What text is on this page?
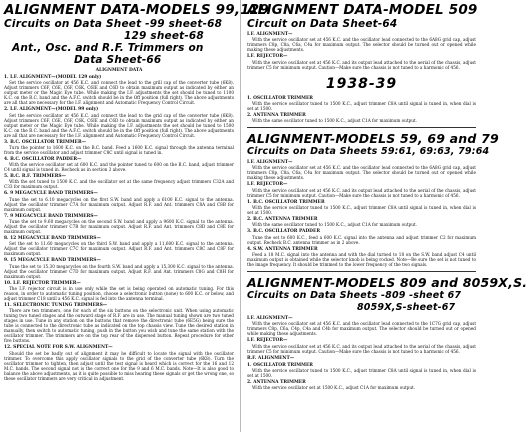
ALIGNMENT DATA-MODELS 99,129
Circuits on Data Sheet -99 sheet-68
129 sheet-68
Ant., Osc. and R.F. Trimmers on
Data Sheet-66
ALIGNMENT DATA
1. I.F. ALIGNMENT—(MODEL 129 only)

Set the service oscillator at 456 K.C. and connect the lead to the grill cap of the converter tube (6K8). Adjust trimmers C6F, C6E, C6F, C6K, C6IE and C6D to obtain maximum output as indicated by either an output meter or the Magic Eye tube. While making the I.F. adjustments the set should be tuned to 1100 K.C. on the B.C. band and the A.F.C. switch should be in the Off position (full right). The above adjustments are all that are necessary for the I.F. alignment and Automatic Frequency Control Circuit.

2. I.F. ALIGNMENT—(MODEL 99 only)

Set the service oscillator at 456 K.C. and connect the lead to the grid cap of the converter tube (6K8). Adjust trimmers C6F, C6E, C6F, C6K, C6IE and C6D to obtain maximum output as indicated by either an output meter or the Magic Eye tube. While making the I.F. adjustments the set should be tuned to 1500 K.C. on the B.C. band and the A.F.C. switch should be in the Off position (full right). The above adjustments are all that are necessary for the I.F. alignment and Automatic Frequency Control Circuit.

3. B.C. OSCILLATOR TRIMMER—

Turn the pointer to 1600 K.C. on the B.C. band. Feed a 1600 K.C. signal through the antenna terminal from the service oscillator and adjust trimmer C8C until signal is tuned in.

4. B.C. OSCILLATOR PADDER—

With the service oscillator set at 600 K.C. and the pointer tuned to 600 on the B.C. band, adjust trimmer C4 until signal is tuned in. Recheck as in section 3 above.

5. B.C. R.F. TRIMMERS—

With the set tuned to 1500 K.C. and the oscillator set at the same frequency adjust trimmers C32A and C33 for maximum output.

6. 9 MEGACYCLE BAND TRIMMERS—

Tune the set to 6.10 megacycles on the first S.W. band and apply a 6100 K.C. signal to the antenna. Adjust the oscillator trimmer C7A for maximum output. Adjust R.F. and Ant. trimmers C8A and C8B for maximum output.

7. 9 MEGACYCLE BAND TRIMMERS—

Tune the set to 9.60 megacycles on the second S.W. band and apply a 9600 K.C. signal to the antenna. Adjust the oscillator trimmer C7B for maximum output. Adjust R.F. and Ant. trimmers C8D and C8E for maximum output.

8. 12 MEGACYCLE BAND TRIMMERS—

Set the set to 11.60 megacycles on the third S.W. band and apply a 11,600 K.C. signal to the antenna. Adjust the oscillator trimmer C7C for maximum output. Adjust R.F. and Ant. trimmers C8C and C8F for maximum output.

9. 15 MEGACYCLE BAND TRIMMERS—

Tune the set to 15.30 megacycles on the fourth S.W. band and apply a 15,300 K.C. signal to the antenna. Adjust the oscillator trimmer C7D for maximum output. Adjust R.F. and Ant. trimmers C8G and C8H for maximum output.

10. I.F. REJECTOR TRIMMER—

The I.F. rejector circuit is in use only while the set is being operated on automatic tuning. For this reason, in order to automatic tuning position, choose a selectronic button (none) to 600 K.C. or below, and adjust trimmer C18 until a 456 K.C. signal is fed into the antenna terminal.

11. SELECTRONIC TUNING TRIMMERS—

There are ten trimmers, one for each of the six buttons on the selectronic unit. When using automatic tuning two tuned stages and the outward stage of R.F. are in use. The manual tuning shown are two tuned stages in use. Tune in any station on the buttons that remove the directronic tube (6E5G) being sure the tube is connected to the directronic tube as indicated on the top chassis view. Tune the desired station in manually, then switch to automatic tuning, push in the button you wish and tune the same station with the oscillator trimmer. The trimmers are on the top rear of the dispersed button. Repeat procedure for other five buttons.

12. SPECIAL NOTE FOR S.W. ALIGNMENT—

Should the set be badly out of alignment it may be difficult to locate the signal with the oscillator trimmer. To overcome this apply oscillator signals to the grid of the converter tube (6K8). Turn the oscillator trimmer to tighten, then adjust until the test signal is heard which is correct for the 16 and 12 M.C. bands. The second signal not is the correct one for the 9 and 6 M.C. bands. Note—It is also good to balance the above adjustments, as it is quite possible to miss hearing these signals or get the wrong one, so these oscillator trimmers are very critical in adjustment.

ALIGNMENT DATA-MODEL 509
Circuit on Data Sheet-64
I.F. ALIGNMENT—

With the service oscillator set at 456 K.C. and the oscillator lead connected to the 6A8G grid cap, adjust trimmers C8p, C8a, C6a, C4a for maximum output. The selector should be turned out or opened while making these adjustments.

I.F. REJECTOR—

With the service oscillator set at 456 K.C. and its output lead attached to the aerial of the chassis, adjust trimmer C5 for minimum output. Caution—Make sure the chassis is not tuned to a harmonic of 456.

1938-39
1. OSCILLATOR TRIMMER

With the service oscillator tuned to 1500 K.C., adjust trimmer C8A until signal is tuned in, when dial is set at 1500.

2. ANTENNA TRIMMER

With the same oscillator tuned to 1500 K.C., adjust C1A for maximum output.

ALIGNMENT-MODELS 59, 69 and 79
Circuits on Data Sheets 59:61, 69:63, 79:64
I.F. ALIGNMENT—

With the service oscillator set at 456 K.C. and the oscillator lead connected to the 6A8G grid cap, adjust trimmers C8p, C8a, C6a, C4a for maximum output. The selector should be turned out or opened while making these adjustments.

I.F. REJECTOR—

With the service oscillator set at 456 K.C. and its output lead attached to the aerial of the chassis, adjust trimmer C5 for minimum output. Caution—Make sure the chassis is not tuned to a harmonic of 456.

1. B.C. OSCILLATOR TRIMMER

With the service oscillator tuned to 1500 K.C., adjust trimmer C8A until signal is tuned in, when dial is set at 1500.

2. B.C. ANTENNA TRIMMER

With the same oscillator tuned to 1500 K.C., adjust C1A for maximum output.

3. B.C. OSCILLATOR PADDER

Tune the set to 600 K.C., feed a 600 K.C. signal into the antenna and adjust trimmer C2 for maximum output. Recheck B.C. antenna trimmer as in 2 above.

4. S.W. ANTENNA TRIMMER

Feed a 18 M.C. signal into the antenna and with the dial turned to 18 on the S.W. band adjust C4 until maximum output is obtained while the selector knob is being rocked. Note—Be sure the set is not tuned to the image frequency. It should be trimmed to the lower frequency of the two signals.

ALIGNMENT-MODELS 809 and 8059X,S.
Circuits on Data Sheets -809 -sheet 67
8059X,S-sheet-67
I.F. ALIGNMENT—

With the service oscillator set at 456 K.C. and the oscillator lead connected to the 1C7G grid cap, adjust trimmers C8p, C6a, C4p, C4a and C4b for maximum output. The selector should be turned out or opened while making these adjustments.

I.F. REJECTOR—

With the service oscillator set at 456 K.C. and its output lead attached to the aerial of the chassis, adjust trimmer C5 for minimum output. Caution—Make sure the chassis is not tuned to a harmonic of 456.

R.F. ALIGNMENT—
1. OSCILLATOR TRIMMER

With the service oscillator tuned to 1500 K.C., adjust trimmer C8A until signal is tuned in, when dial is set at 1500.

2. ANTENNA TRIMMER

With the service oscillator set at 1500 K.C., adjust C1A for maximum output.
